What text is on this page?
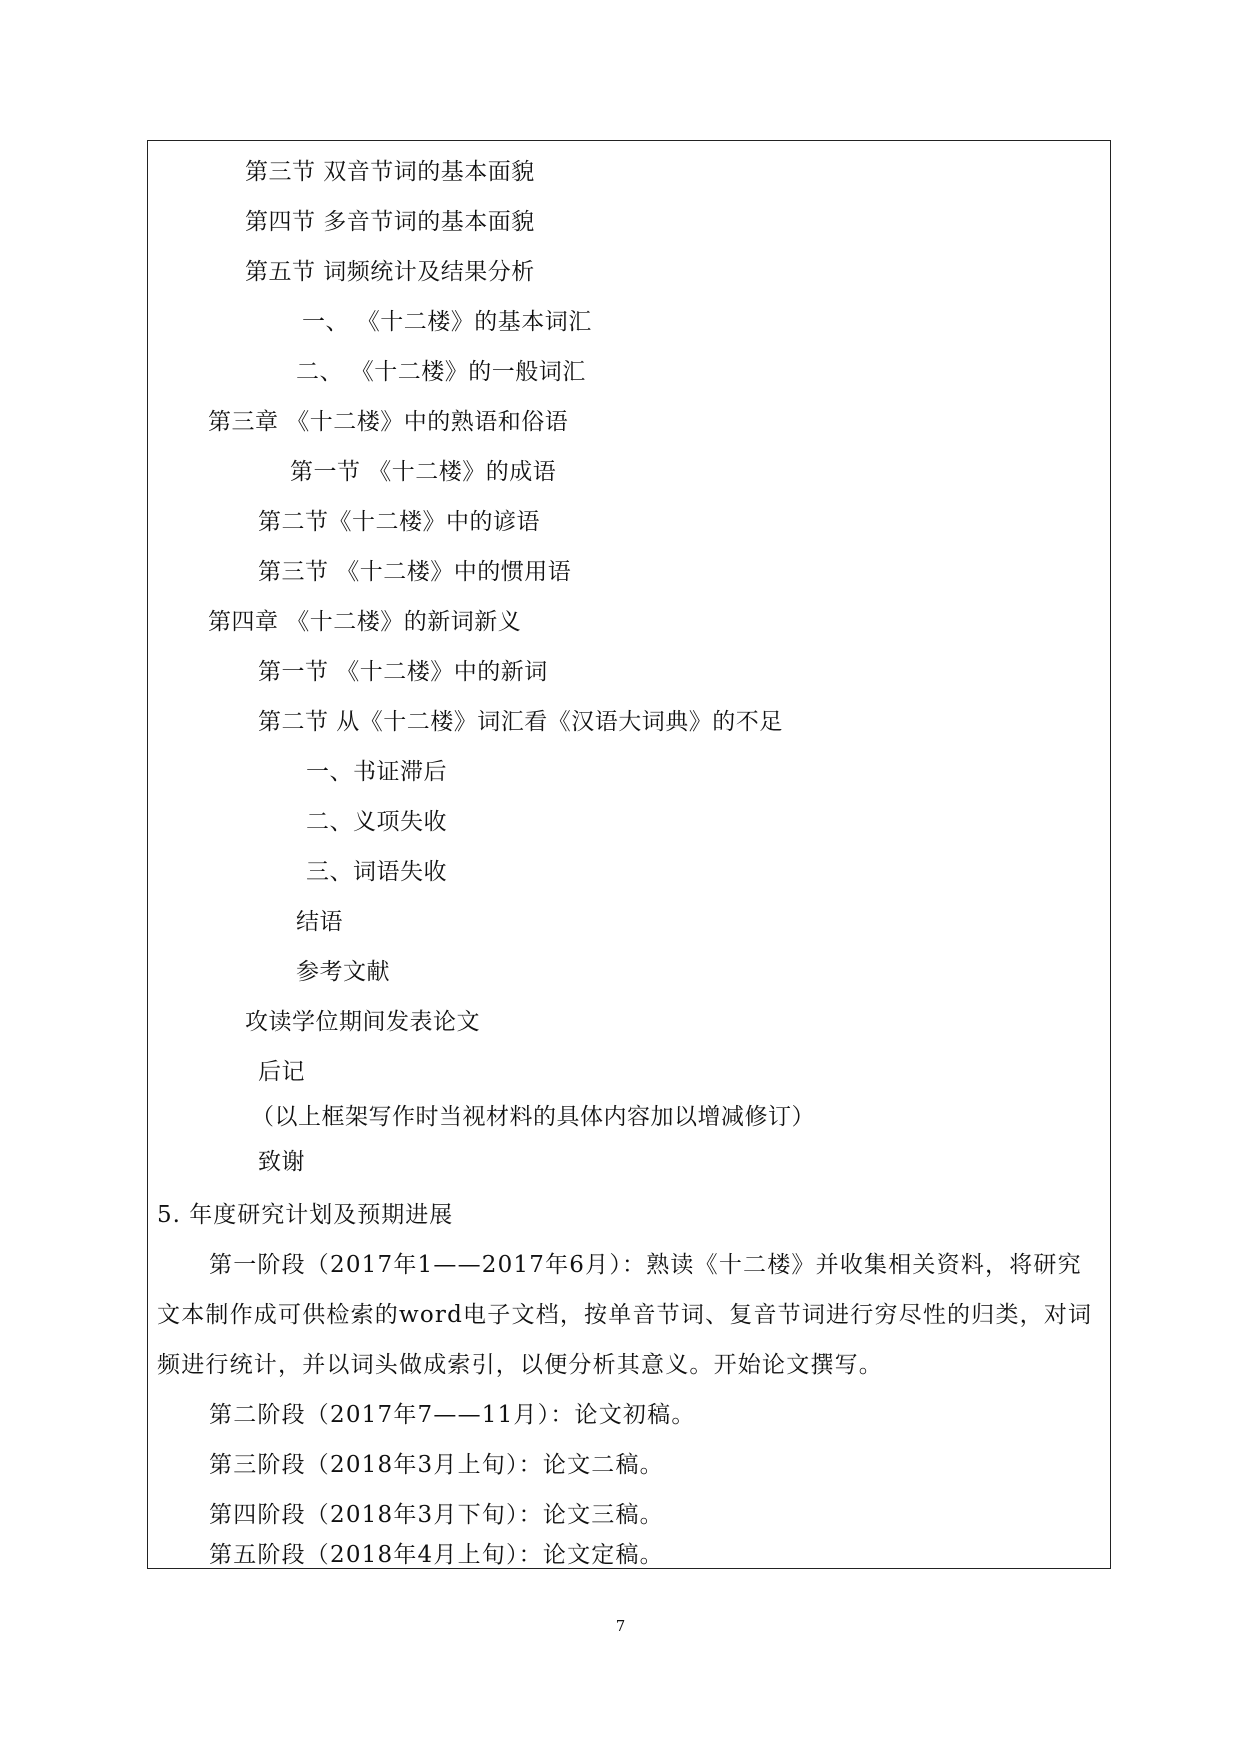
第三节 双音节词的基本面貌
第四节 多音节词的基本面貌
第五节 词频统计及结果分析
一、 《十二楼》的基本词汇
二、 《十二楼》的一般词汇
第三章 《十二楼》中的熟语和俗语
第一节 《十二楼》的成语
第二节《十二楼》中的谚语
第三节 《十二楼》中的惯用语
第四章 《十二楼》的新词新义
第一节 《十二楼》中的新词
第二节 从《十二楼》词汇看《汉语大词典》的不足
一、书证滞后
二、义项失收
三、词语失收
结语
参考文献
攻读学位期间发表论文
后记
（以上框架写作时当视材料的具体内容加以增减修订）
致谢
5. 年度研究计划及预期进展

第一阶段（2017年1——2017年6月）：熟读《十二楼》并收集相关资料，将研究文本制作成可供检索的word电子文档，按单音节词、复音节词进行穷尽性的归类，对词频进行统计，并以词头做成索引，以便分析其意义。开始论文撰写。

第二阶段（2017年7——11月）：论文初稿。

第三阶段（2018年3月上旬）：论文二稿。

第四阶段（2018年3月下旬）：论文三稿。

第五阶段（2018年4月上旬）：论文定稿。

7
